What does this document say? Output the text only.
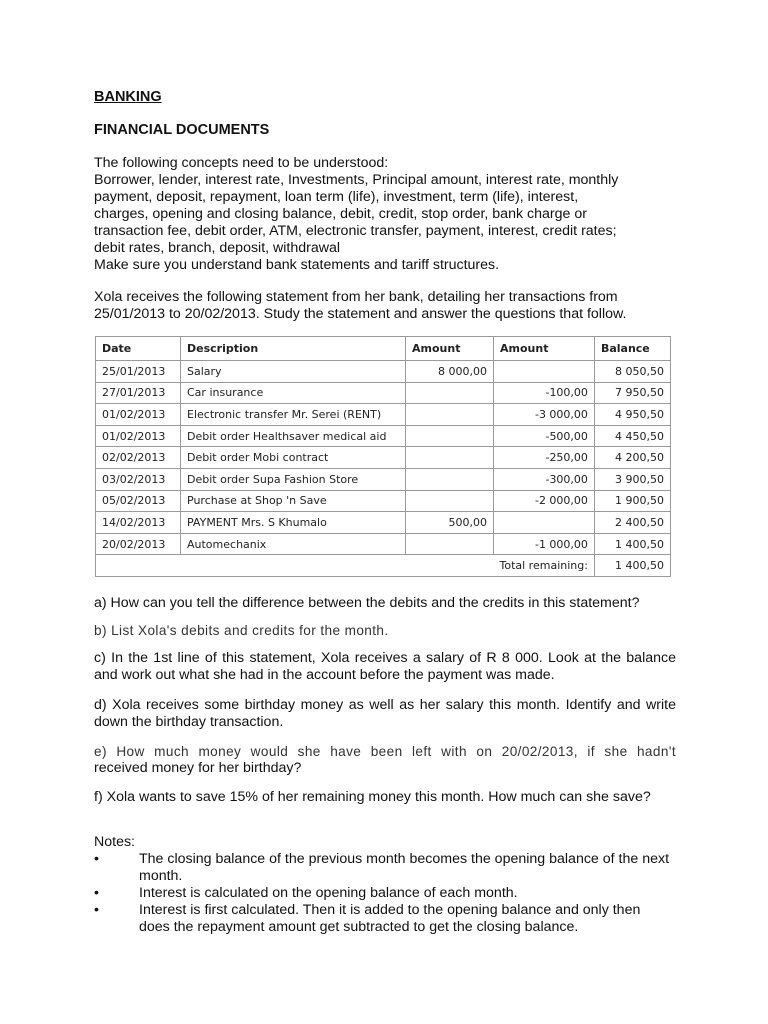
BANKING
FINANCIAL DOCUMENTS
The following concepts need to be understood:
Borrower, lender, interest rate, Investments, Principal amount, interest rate, monthly
payment, deposit, repayment, loan term (life), investment, term (life), interest,
charges, opening and closing balance, debit, credit, stop order, bank charge or
transaction fee, debit order, ATM, electronic transfer, payment, interest, credit rates;
debit rates, branch, deposit, withdrawal
Make sure you understand bank statements and tariff structures.
Xola receives the following statement from her bank, detailing her transactions from
25/01/2013 to 20/02/2013. Study the statement and answer the questions that follow.
Date	Description	Amount	Amount	Balance
25/01/2013	Salary	8 000,00		8 050,50
27/01/2013	Car insurance		-100,00	7 950,50
01/02/2013	Electronic transfer Mr. Serei (RENT)		-3 000,00	4 950,50
01/02/2013	Debit order Healthsaver medical aid		-500,00	4 450,50
02/02/2013	Debit order Mobi contract		-250,00	4 200,50
03/02/2013	Debit order Supa Fashion Store		-300,00	3 900,50
05/02/2013	Purchase at Shop 'n Save		-2 000,00	1 900,50
14/02/2013	PAYMENT Mrs. S Khumalo	500,00		2 400,50
20/02/2013	Automechanix		-1 000,00	1 400,50
			Total remaining:	1 400,50
a) How can you tell the difference between the debits and the credits in this statement?
b) List Xola's debits and credits for the month.
c) In the 1st line of this statement, Xola receives a salary of R 8 000. Look at the balance and work out what she had in the account before the payment was made.
d) Xola receives some birthday money as well as her salary this month. Identify and write down the birthday transaction.
e) How much money would she have been left with on 20/02/2013, if she hadn't
received money for her birthday?
f) Xola wants to save 15% of her remaining money this month. How much can she save?
Notes:
•	The closing balance of the previous month becomes the opening balance of the next month.
•	Interest is calculated on the opening balance of each month.
•	Interest is first calculated. Then it is added to the opening balance and only then does the repayment amount get subtracted to get the closing balance.
